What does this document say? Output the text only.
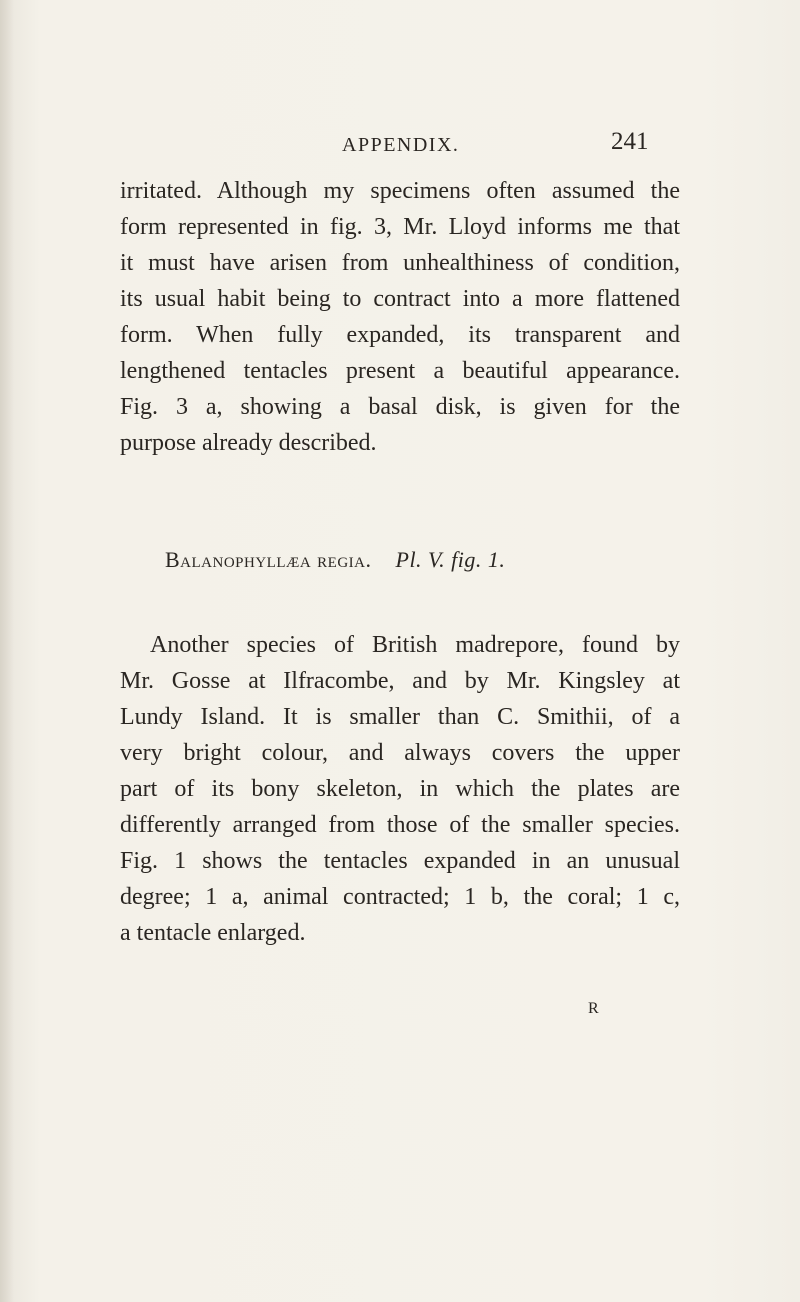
APPENDIX.	241
irritated. Although my specimens often assumed the
form represented in fig. 3, Mr. Lloyd informs me that
it must have arisen from unhealthiness of condition,
its usual habit being to contract into a more flattened
form. When fully expanded, its transparent and
lengthened tentacles present a beautiful appearance.
Fig. 3 a, showing a basal disk, is given for the
purpose already described.
Balanophyllæa regia. Pl. V. fig. 1.
Another species of British madrepore, found by
Mr. Gosse at Ilfracombe, and by Mr. Kingsley at
Lundy Island. It is smaller than C. Smithii, of a
very bright colour, and always covers the upper
part of its bony skeleton, in which the plates are
differently arranged from those of the smaller species.
Fig. 1 shows the tentacles expanded in an unusual
degree; 1 a, animal contracted; 1 b, the coral; 1 c,
a tentacle enlarged.
R
